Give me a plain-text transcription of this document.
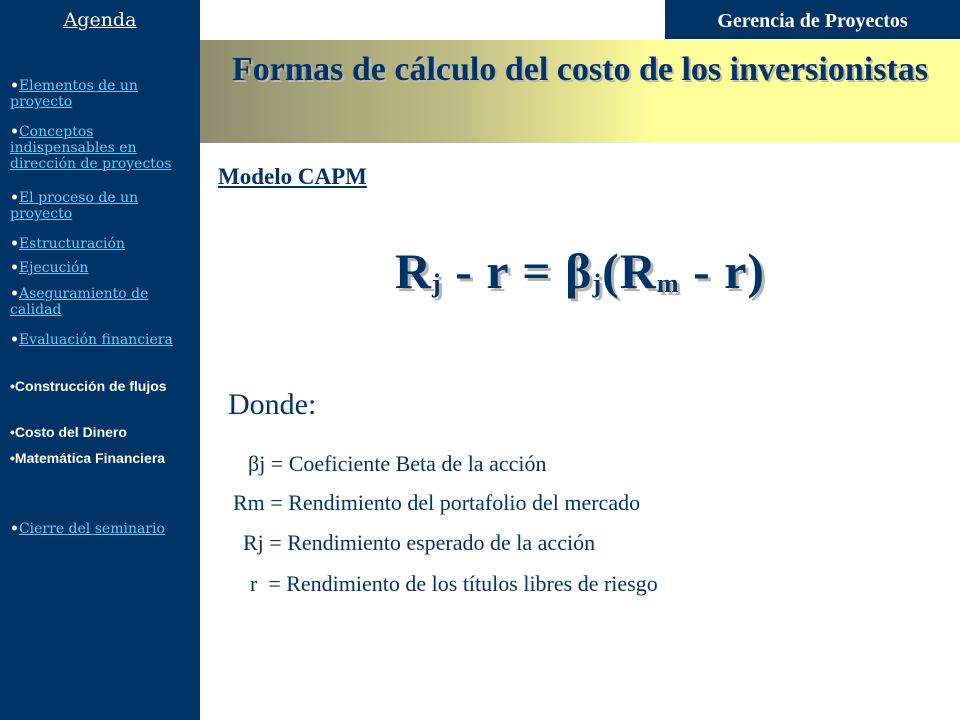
Agenda
•Elementos de un proyecto
•Conceptos indispensables en dirección de proyectos
•El proceso de un proyecto
•Estructuración
•Ejecución
•Aseguramiento de calidad
•Evaluación financiera
•Construcción de flujos
•Costo del Dinero
•Matemática Financiera
•Cierre del seminario
Gerencia de Proyectos
Formas de cálculo del costo de los inversionistas
Modelo CAPM
$R_j - r = \beta_j(R_m - r)$
Donde:
βj = Coeficiente Beta de la acción
Rm = Rendimiento del portafolio del mercado
Rj = Rendimiento esperado de la acción
r  = Rendimiento de los títulos libres de riesgo
